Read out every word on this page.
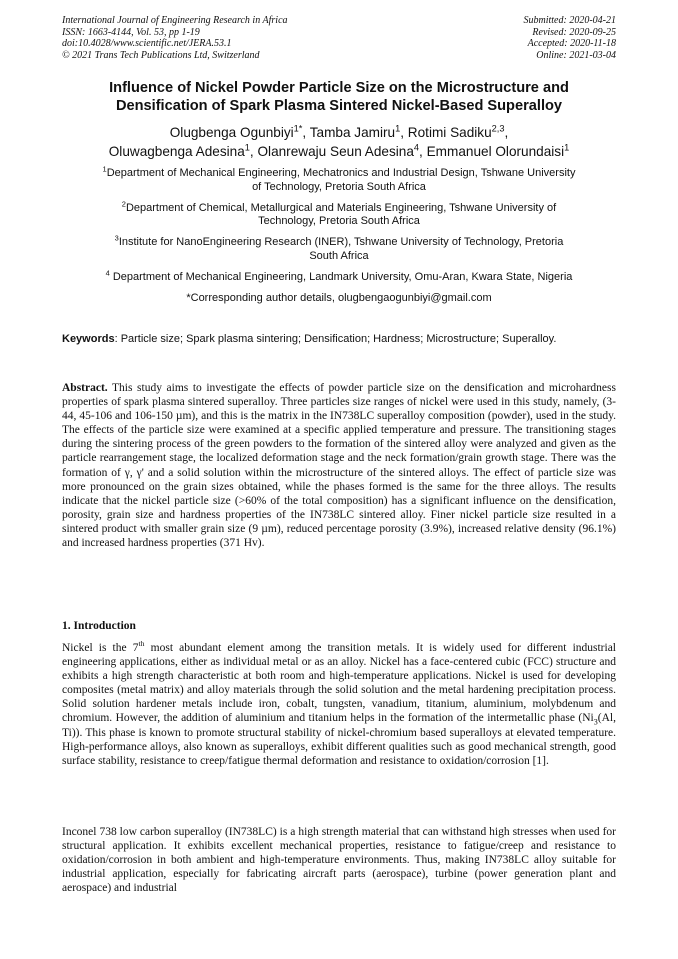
International Journal of Engineering Research in Africa
ISSN: 1663-4144, Vol. 53, pp 1-19
doi:10.4028/www.scientific.net/JERA.53.1
© 2021 Trans Tech Publications Ltd, Switzerland
Submitted: 2020-04-21
Revised: 2020-09-25
Accepted: 2020-11-18
Online: 2021-03-04
Influence of Nickel Powder Particle Size on the Microstructure and
Densification of Spark Plasma Sintered Nickel-Based Superalloy
Olugbenga Ogunbiyi$^{1*}$, Tamba Jamiru$^1$, Rotimi Sadiku$^{2,3}$,
Oluwagbenga Adesina$^1$, Olanrewaju Seun Adesina$^4$, Emmanuel Olorundaisi$^1$
$^1$Department of Mechanical Engineering, Mechatronics and Industrial Design, Tshwane University
of Technology, Pretoria South Africa
$^2$Department of Chemical, Metallurgical and Materials Engineering, Tshwane University of
Technology, Pretoria South Africa
$^3$Institute for NanoEngineering Research (INER), Tshwane University of Technology, Pretoria
South Africa
$^4$ Department of Mechanical Engineering, Landmark University, Omu-Aran, Kwara State, Nigeria
*Corresponding author details, olugbengaogunbiyi@gmail.com
Keywords: Particle size; Spark plasma sintering; Densification; Hardness; Microstructure; Superalloy.
Abstract. This study aims to investigate the effects of powder particle size on the densification and microhardness properties of spark plasma sintered superalloy. Three particles size ranges of nickel were used in this study, namely, (3-44, 45-106 and 106-150 µm), and this is the matrix in the IN738LC superalloy composition (powder), used in the study. The effects of the particle size were examined at a specific applied temperature and pressure. The transitioning stages during the sintering process of the green powders to the formation of the sintered alloy were analyzed and given as the particle rearrangement stage, the localized deformation stage and the neck formation/grain growth stage. There was the formation of γ, γ' and a solid solution within the microstructure of the sintered alloys. The effect of particle size was more pronounced on the grain sizes obtained, while the phases formed is the same for the three alloys. The results indicate that the nickel particle size (>60% of the total composition) has a significant influence on the densification, porosity, grain size and hardness properties of the IN738LC sintered alloy. Finer nickel particle size resulted in a sintered product with smaller grain size (9 µm), reduced percentage porosity (3.9%), increased relative density (96.1%) and increased hardness properties (371 Hv).
1. Introduction

Nickel is the 7th most abundant element among the transition metals. It is widely used for different industrial engineering applications, either as individual metal or as an alloy. Nickel has a face-centered cubic (FCC) structure and exhibits a high strength characteristic at both room and high-temperature applications. Nickel is used for developing composites (metal matrix) and alloy materials through the solid solution and the metal hardening precipitation process. Solid solution hardener metals include iron, cobalt, tungsten, vanadium, titanium, aluminium, molybdenum and chromium. However, the addition of aluminium and titanium helps in the formation of the intermetallic phase ($Ni_3(Al$, Ti)). This phase is known to promote structural stability of nickel-chromium based superalloys at elevated temperature. High-performance alloys, also known as superalloys, exhibit different qualities such as good mechanical strength, good surface stability, resistance to creep/fatigue thermal deformation and resistance to oxidation/corrosion [1].

Inconel 738 low carbon superalloy (IN738LC) is a high strength material that can withstand high stresses when used for structural application. It exhibits excellent mechanical properties, resistance to fatigue/creep and resistance to oxidation/corrosion in both ambient and high-temperature environments. Thus, making IN738LC alloy suitable for industrial application, especially for fabricating aircraft parts (aerospace), turbine (power generation plant and aerospace) and industrial
